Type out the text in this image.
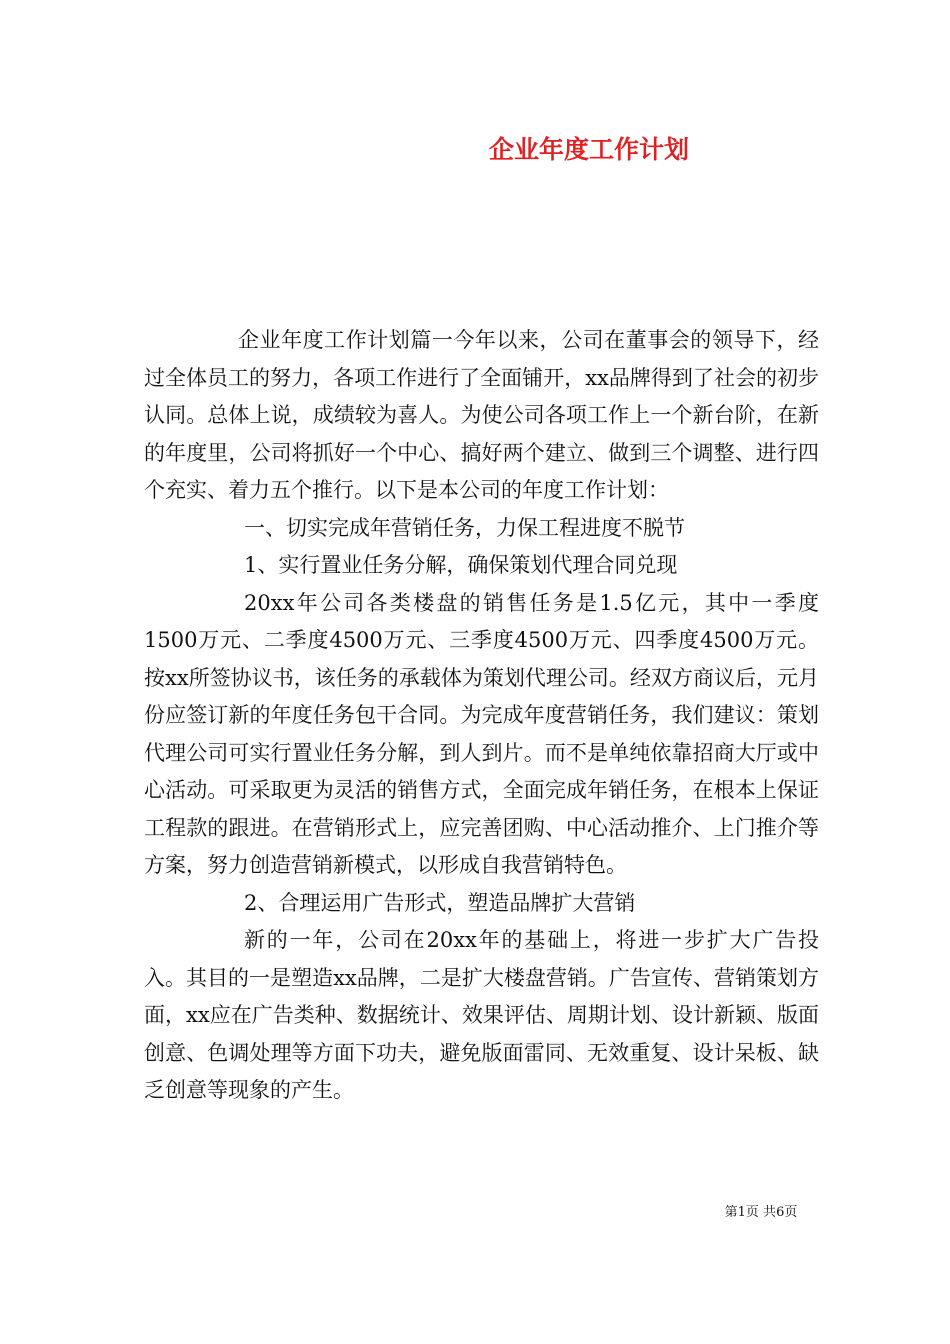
企业年度工作计划

企业年度工作计划篇一今年以来，公司在董事会的领导下，经过全体员工的努力，各项工作进行了全面铺开，xx品牌得到了社会的初步认同。总体上说，成绩较为喜人。为使公司各项工作上一个新台阶，在新的年度里，公司将抓好一个中心、搞好两个建立、做到三个调整、进行四个充实、着力五个推行。以下是本公司的年度工作计划：

一、切实完成年营销任务，力保工程进度不脱节

1、实行置业任务分解，确保策划代理合同兑现

20xx年公司各类楼盘的销售任务是1.5亿元，其中一季度1500万元、二季度4500万元、三季度4500万元、四季度4500万元。按xx所签协议书，该任务的承载体为策划代理公司。经双方商议后，元月份应签订新的年度任务包干合同。为完成年度营销任务，我们建议：策划代理公司可实行置业任务分解，到人到片。而不是单纯依靠招商大厅或中心活动。可采取更为灵活的销售方式，全面完成年销任务，在根本上保证工程款的跟进。在营销形式上，应完善团购、中心活动推介、上门推介等方案，努力创造营销新模式，以形成自我营销特色。

2、合理运用广告形式，塑造品牌扩大营销

新的一年，公司在20xx年的基础上，将进一步扩大广告投入。其目的一是塑造xx品牌，二是扩大楼盘营销。广告宣传、营销策划方面，xx应在广告类种、数据统计、效果评估、周期计划、设计新颖、版面创意、色调处理等方面下功夫，避免版面雷同、无效重复、设计呆板、缺乏创意等现象的产生。

第1页 共6页
